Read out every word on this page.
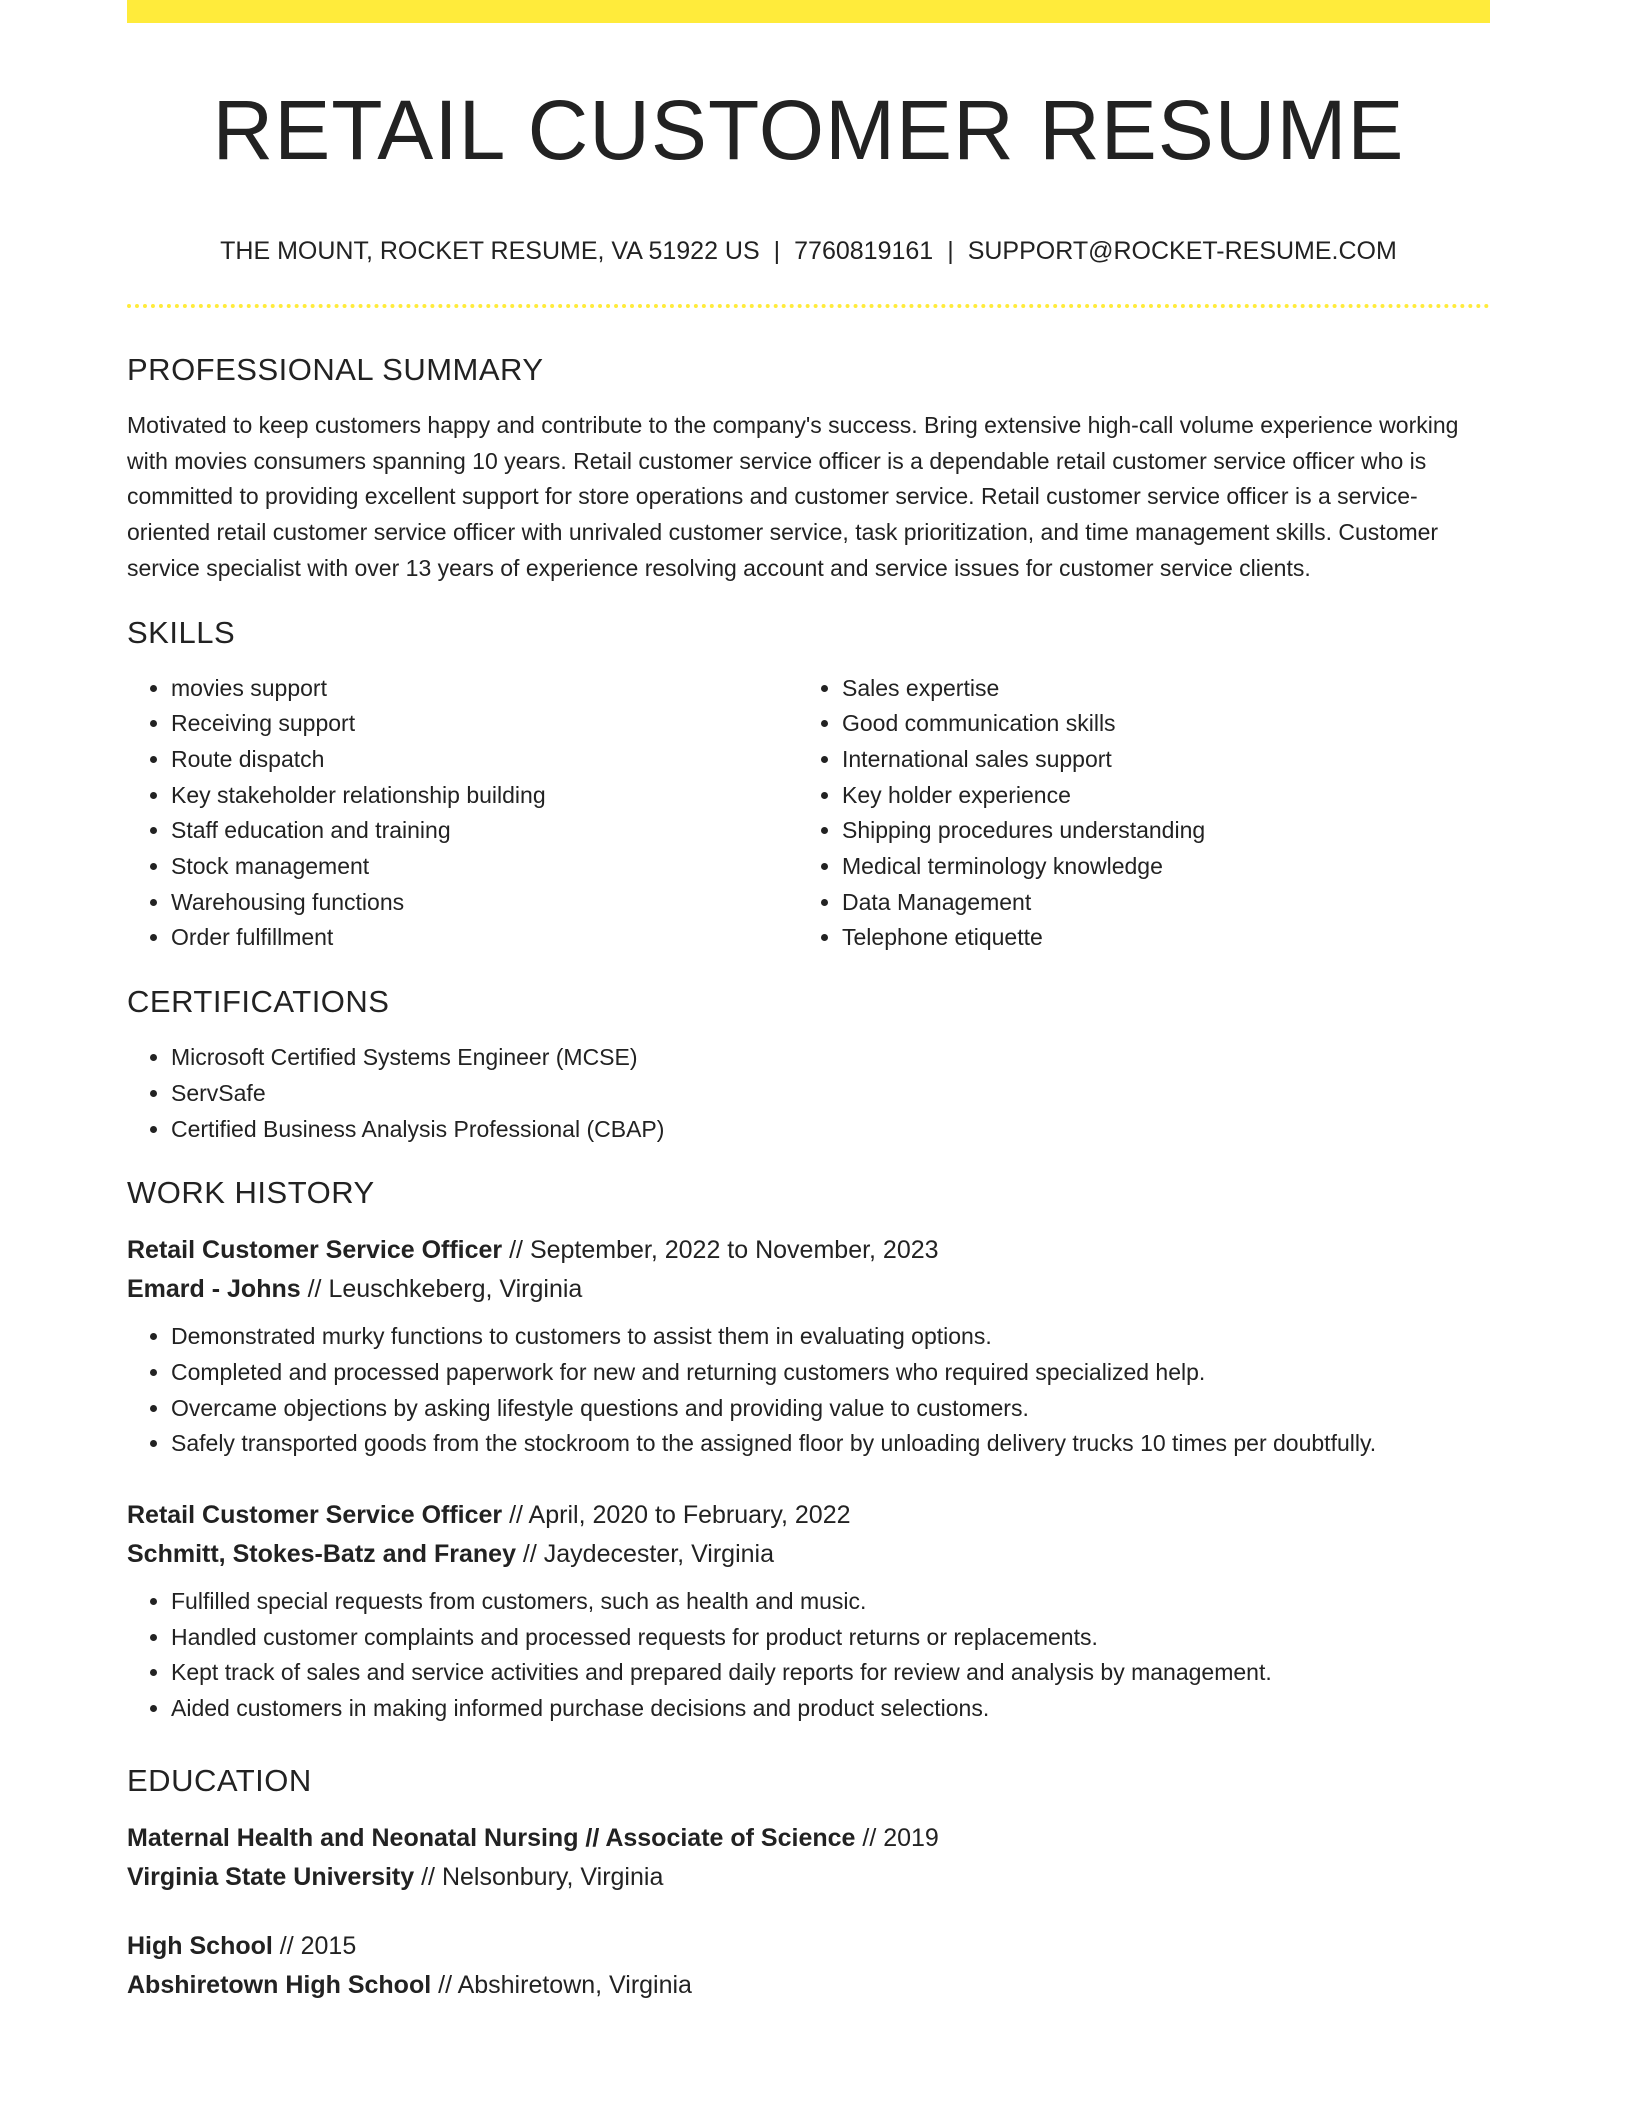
RETAIL CUSTOMER RESUME
THE MOUNT, ROCKET RESUME, VA 51922 US | 7760819161 | SUPPORT@ROCKET-RESUME.COM
PROFESSIONAL SUMMARY

Motivated to keep customers happy and contribute to the company's success. Bring extensive high-call volume experience working with movies consumers spanning 10 years. Retail customer service officer is a dependable retail customer service officer who is committed to providing excellent support for store operations and customer service. Retail customer service officer is a service-oriented retail customer service officer with unrivaled customer service, task prioritization, and time management skills. Customer service specialist with over 13 years of experience resolving account and service issues for customer service clients.

SKILLS
• movies support
• Receiving support
• Route dispatch
• Key stakeholder relationship building
• Staff education and training
• Stock management
• Warehousing functions
• Order fulfillment
• Sales expertise
• Good communication skills
• International sales support
• Key holder experience
• Shipping procedures understanding
• Medical terminology knowledge
• Data Management
• Telephone etiquette
CERTIFICATIONS
• Microsoft Certified Systems Engineer (MCSE)
• ServSafe
• Certified Business Analysis Professional (CBAP)
WORK HISTORY
Retail Customer Service Officer // September, 2022 to November, 2023
Emard - Johns // Leuschkeberg, Virginia
• Demonstrated murky functions to customers to assist them in evaluating options.
• Completed and processed paperwork for new and returning customers who required specialized help.
• Overcame objections by asking lifestyle questions and providing value to customers.
• Safely transported goods from the stockroom to the assigned floor by unloading delivery trucks 10 times per doubtfully.
Retail Customer Service Officer // April, 2020 to February, 2022
Schmitt, Stokes-Batz and Franey // Jaydecester, Virginia
• Fulfilled special requests from customers, such as health and music.
• Handled customer complaints and processed requests for product returns or replacements.
• Kept track of sales and service activities and prepared daily reports for review and analysis by management.
• Aided customers in making informed purchase decisions and product selections.
EDUCATION
Maternal Health and Neonatal Nursing // Associate of Science // 2019
Virginia State University // Nelsonbury, Virginia
High School // 2015
Abshiretown High School // Abshiretown, Virginia
